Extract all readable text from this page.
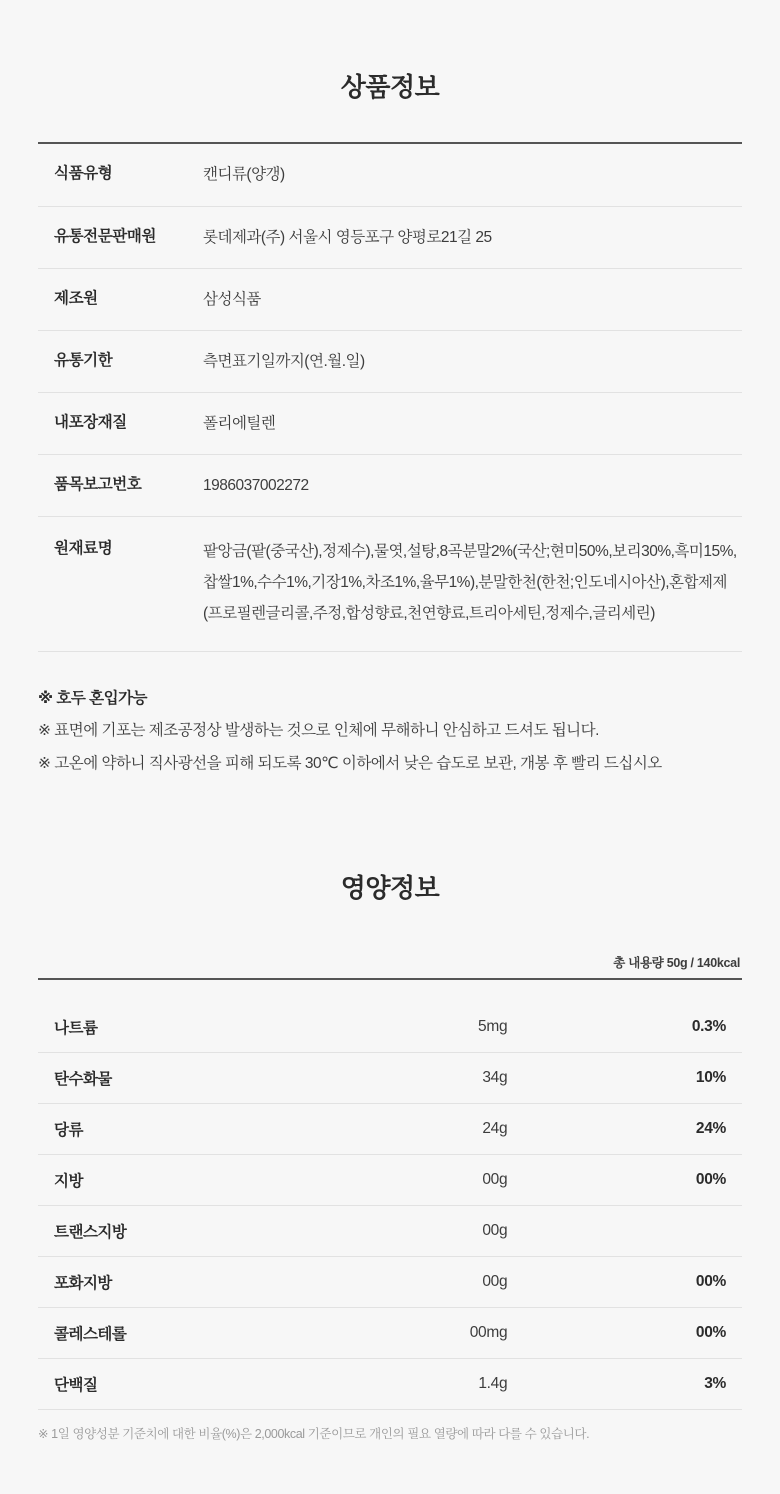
상품정보
식품유형	캔디류(양갱)
유통전문판매원	롯데제과(주) 서울시 영등포구 양평로21길 25
제조원	삼성식품
유통기한	측면표기일까지(연.월.일)
내포장재질	폴리에틸렌
품목보고번호	1986037002272
원재료명	팥앙금(팥(중국산),정제수),물엿,설탕,8곡분말2%(국산;현미50%,보리30%,흑미15%,찹쌀1%,수수1%,기장1%,차조1%,율무1%),분말한천(한천;인도네시아산),혼합제제(프로필렌글리콜,주정,합성향료,천연향료,트리아세틴,정제수,글리세린)

※ 호두 혼입가능

※ 표면에 기포는 제조공정상 발생하는 것으로 인체에 무해하니 안심하고 드셔도 됩니다.

※ 고온에 약하니 직사광선을 피해 되도록 30℃ 이하에서 낮은 습도로 보관, 개봉 후 빨리 드십시오

영양정보
총 내용량 50g / 140kcal

나트륨	5mg	0.3%
탄수화물	34g	10%
당류	24g	24%
지방	00g	00%
트랜스지방	00g	
포화지방	00g	00%
콜레스테롤	00mg	00%
단백질	1.4g	3%
※ 1일 영양성분 기준치에 대한 비율(%)은 2,000kcal 기준이므로 개인의 필요 열량에 따라 다를 수 있습니다.
